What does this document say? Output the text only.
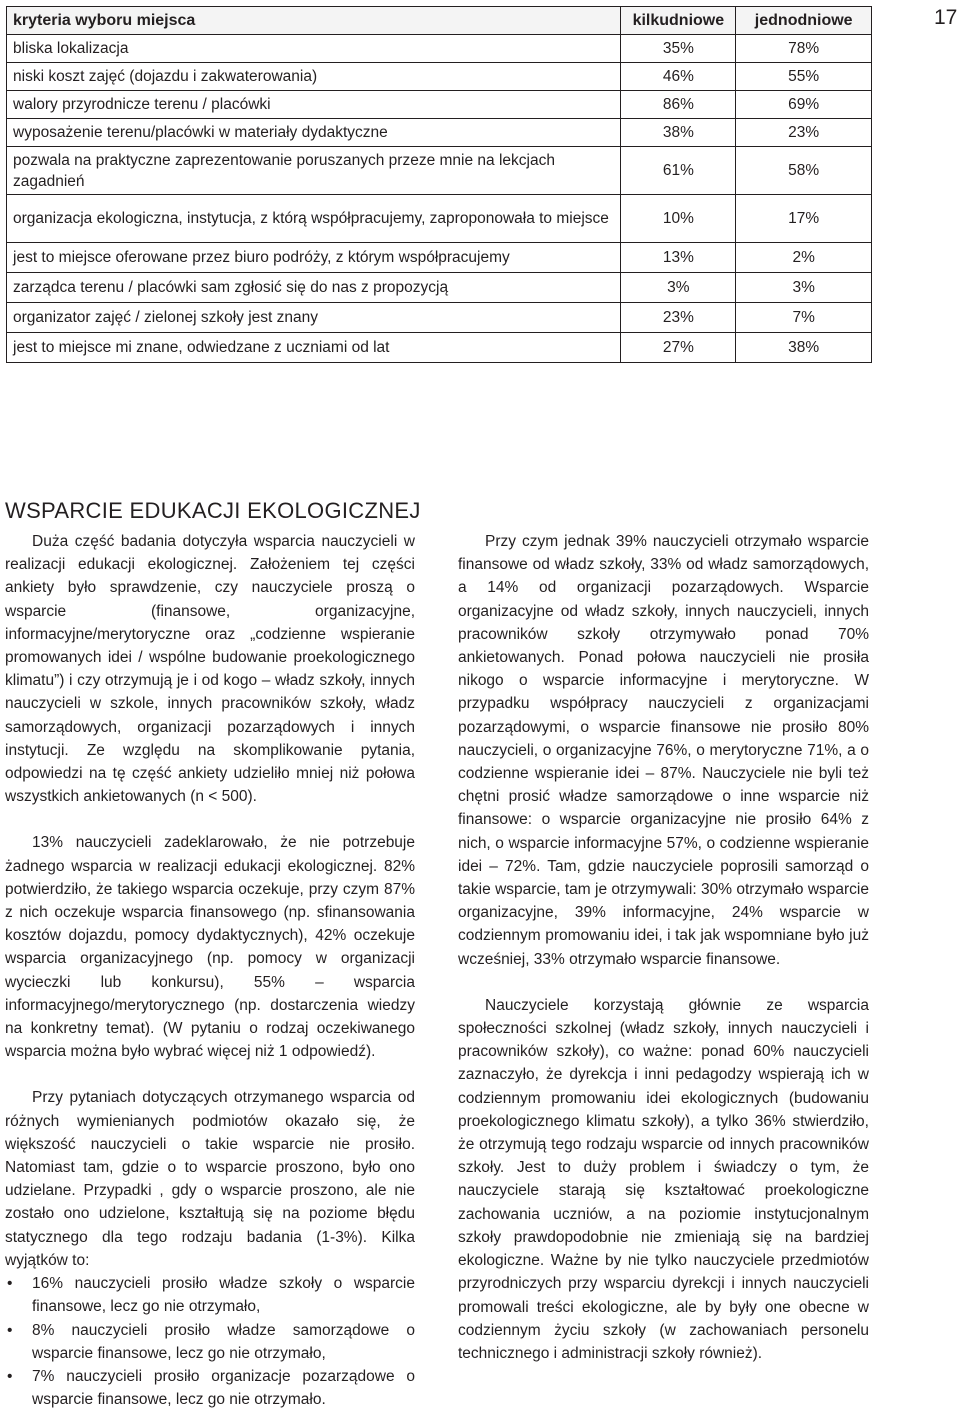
17
kryteria wyboru miejsca	kilkudniowe	jednodniowe
bliska lokalizacja	35%	78%
niski koszt zajęć (dojazdu i zakwaterowania)	46%	55%
walory przyrodnicze terenu / placówki	86%	69%
wyposażenie terenu/placówki w materiały dydaktyczne	38%	23%
pozwala na praktyczne zaprezentowanie poruszanych przeze mnie na lekcjach zagadnień	61%	58%
organizacja ekologiczna, instytucja, z którą współpracujemy, zaproponowała to miejsce	10%	17%
jest to miejsce oferowane przez biuro podróży, z którym współpracujemy	13%	2%
zarządca terenu / placówki sam zgłosić się do nas z propozycją	3%	3%
organizator zajęć / zielonej szkoły jest znany	23%	7%
jest to miejsce mi znane, odwiedzane z uczniami od lat	27%	38%
WSPARCIE EDUKACJI EKOLOGICZNEJ

Duża część badania dotyczyła wsparcia nauczycieli w realizacji edukacji ekologicznej. Założeniem tej części ankiety było sprawdzenie, czy nauczyciele proszą o wsparcie (finansowe, organizacyjne, informacyjne/merytoryczne oraz „codzienne wspieranie promowanych idei / wspólne budowanie proekologicznego klimatu”) i czy otrzymują je i od kogo – władz szkoły, innych nauczycieli w szkole, innych pracowników szkoły, władz samorządowych, organizacji pozarządowych i innych instytucji. Ze względu na skomplikowanie pytania, odpowiedzi na tę część ankiety udzieliło mniej niż połowa wszystkich ankietowanych (n < 500).

13% nauczycieli zadeklarowało, że nie potrzebuje żadnego wsparcia w realizacji edukacji ekologicznej. 82% potwierdziło, że takiego wsparcia oczekuje, przy czym 87% z nich oczekuje wsparcia finansowego (np. sfinansowania kosztów dojazdu, pomocy dydaktycznych), 42% oczekuje wsparcia organizacyjnego (np. pomocy w organizacji wycieczki lub konkursu), 55% – wsparcia informacyjnego/merytorycznego (np. dostarczenia wiedzy na konkretny temat). (W pytaniu o rodzaj oczekiwanego wsparcia można było wybrać więcej niż 1 odpowiedź).

Przy pytaniach dotyczących otrzymanego wsparcia od różnych wymienianych podmiotów okazało się, że większość nauczycieli o takie wsparcie nie prosiło. Natomiast tam, gdzie o to wsparcie proszono, było ono udzielane. Przypadki , gdy o wsparcie proszono, ale nie zostało ono udzielone, kształtują się na poziome błędu statycznego dla tego rodzaju badania (1-3%). Kilka wyjątków to:

• 16% nauczycieli prosiło władze szkoły o wsparcie finansowe, lecz go nie otrzymało,
• 8% nauczycieli prosiło władze samorządowe o wsparcie finansowe, lecz go nie otrzymało,
• 7% nauczycieli prosiło organizacje pozarządowe o wsparcie finansowe, lecz go nie otrzymało.

Przy czym jednak 39% nauczycieli otrzymało wsparcie finansowe od władz szkoły, 33% od władz samorządowych, a 14% od organizacji pozarządowych. Wsparcie organizacyjne od władz szkoły, innych nauczycieli, innych pracowników szkoły otrzymywało ponad 70% ankietowanych. Ponad połowa nauczycieli nie prosiła nikogo o wsparcie informacyjne i merytoryczne. W przypadku współpracy nauczycieli z organizacjami pozarządowymi, o wsparcie finansowe nie prosiło 80% nauczycieli, o organizacyjne 76%, o merytoryczne 71%, a o codzienne wspieranie idei – 87%. Nauczyciele nie byli też chętni prosić władze samorządowe o inne wsparcie niż finansowe: o wsparcie organizacyjne nie prosiło 64% z nich, o wsparcie informacyjne 57%, o codzienne wspieranie idei – 72%. Tam, gdzie nauczyciele poprosili samorząd o takie wsparcie, tam je otrzymywali: 30% otrzymało wsparcie organizacyjne, 39% informacyjne, 24% wsparcie w codziennym promowaniu idei, i tak jak wspomniane było już wcześniej, 33% otrzymało wsparcie finansowe.

Nauczyciele korzystają głównie ze wsparcia społeczności szkolnej (władz szkoły, innych nauczycieli i pracowników szkoły), co ważne: ponad 60% nauczycieli zaznaczyło, że dyrekcja i inni pedagodzy wspierają ich w codziennym promowaniu idei ekologicznych (budowaniu proekologicznego klimatu szkoły), a tylko 36% stwierdziło, że otrzymują tego rodzaju wsparcie od innych pracowników szkoły. Jest to duży problem i świadczy o tym, że nauczyciele starają się kształtować proekologiczne zachowania uczniów, a na poziomie instytucjonalnym szkoły prawdopodobnie nie zmieniają się na bardziej ekologiczne. Ważne by nie tylko nauczyciele przedmiotów przyrodniczych przy wsparciu dyrekcji i innych nauczycieli promowali treści ekologiczne, ale by były one obecne w codziennym życiu szkoły (w zachowaniach personelu technicznego i administracji szkoły również).
